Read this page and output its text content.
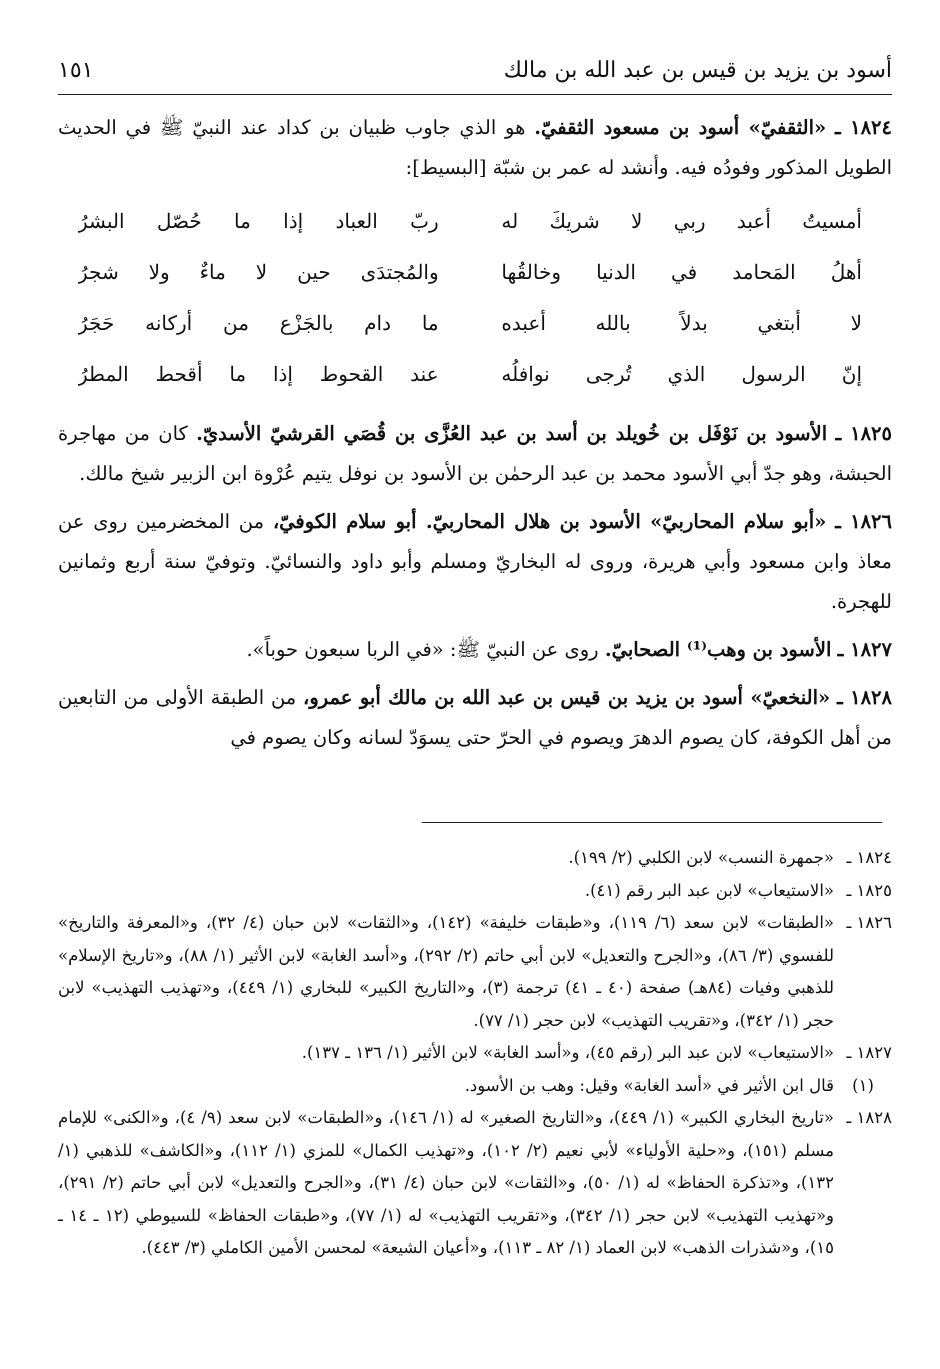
أسود بن يزيد بن قيس بن عبد الله بن مالك
١٥١

١٨٢٤ ـ «الثقفيّ» أسود بن مسعود الثقفيّ. هو الذي جاوب ظبيان بن كداد عند النبيّ ﷺ في الحديث الطويل المذكور وفودُه فيه. وأنشد له عمر بن شبّة [البسيط]:

أمسيتُ أعبد ربي لا شريكَ له
ربّ العباد إذا ما حُصّل البشرُ
أهلُ المَحامد في الدنيا وخالقُها
والمُجتدَى حين لا ماءٌ ولا شجرُ
لا أبتغي بدلاً بالله أعبده
ما دام بالجَزْع من أركانه حَجَرُ
إنّ الرسول الذي تُرجى نوافلُه
عند القحوط إذا ما أقحط المطرُ

١٨٢٥ ـ الأسود بن نَوْفَل بن خُويلد بن أسد بن عبد العُزَّى بن قُصَي القرشيّ الأسديّ. كان من مهاجرة الحبشة، وهو جدّ أبي الأسود محمد بن عبد الرحمٰن بن الأسود بن نوفل يتيم عُرْوة ابن الزبير شيخ مالك.

١٨٢٦ ـ «أبو سلام المحاربيّ» الأسود بن هلال المحاربيّ. أبو سلام الكوفيّ، من المخضرمين روى عن معاذ وابن مسعود وأبي هريرة، وروى له البخاريّ ومسلم وأبو داود والنسائيّ. وتوفيّ سنة أربع وثمانين للهجرة.

١٨٢٧ ـ الأسود بن وهب⁽¹⁾ الصحابيّ. روى عن النبيّ ﷺ: «في الربا سبعون حوباً».

١٨٢٨ ـ «النخعيّ» أسود بن يزيد بن قيس بن عبد الله بن مالك أبو عمرو، من الطبقة الأولى من التابعين من أهل الكوفة، كان يصوم الدهرَ ويصوم في الحرّ حتى يسوَدّ لسانه وكان يصوم في

١٨٢٤ ـ
«جمهرة النسب» لابن الكلبي (٢/ ١٩٩).
١٨٢٥ ـ
«الاستيعاب» لابن عبد البر رقم (٤١).
١٨٢٦ ـ
«الطبقات» لابن سعد (٦/ ١١٩)، و«طبقات خليفة» (١٤٢)، و«الثقات» لابن حبان (٤/ ٣٢)، و«المعرفة والتاريخ» للفسوي (٣/ ٨٦)، و«الجرح والتعديل» لابن أبي حاتم (٢/ ٢٩٢)، و«أسد الغابة» لابن الأثير (١/ ٨٨)، و«تاريخ الإسلام» للذهبي وفيات (٨٤هـ) صفحة (٤٠ ـ ٤١) ترجمة (٣)، و«التاريخ الكبير» للبخاري (١/ ٤٤٩)، و«تهذيب التهذيب» لابن حجر (١/ ٣٤٢)، و«تقريب التهذيب» لابن حجر (١/ ٧٧).
١٨٢٧ ـ
«الاستيعاب» لابن عبد البر (رقم ٤٥)، و«أسد الغابة» لابن الأثير (١/ ١٣٦ ـ ١٣٧).
(١)
قال ابن الأثير في «أسد الغابة» وقيل: وهب بن الأسود.
١٨٢٨ ـ
«تاريخ البخاري الكبير» (١/ ٤٤٩)، و«التاريخ الصغير» له (١/ ١٤٦)، و«الطبقات» لابن سعد (٩/ ٤)، و«الكنى» للإمام مسلم (١٥١)، و«حلية الأولياء» لأبي نعيم (٢/ ١٠٢)، و«تهذيب الكمال» للمزي (١/ ١١٢)، و«الكاشف» للذهبي (١/ ١٣٢)، و«تذكرة الحفاظ» له (١/ ٥٠)، و«الثقات» لابن حبان (٤/ ٣١)، و«الجرح والتعديل» لابن أبي حاتم (٢/ ٢٩١)، و«تهذيب التهذيب» لابن حجر (١/ ٣٤٢)، و«تقريب التهذيب» له (١/ ٧٧)، و«طبقات الحفاظ» للسيوطي (١٢ ـ ١٤ ـ ١٥)، و«شذرات الذهب» لابن العماد (١/ ٨٢ ـ ١١٣)، و«أعيان الشيعة» لمحسن الأمين الكاملي (٣/ ٤٤٣).
